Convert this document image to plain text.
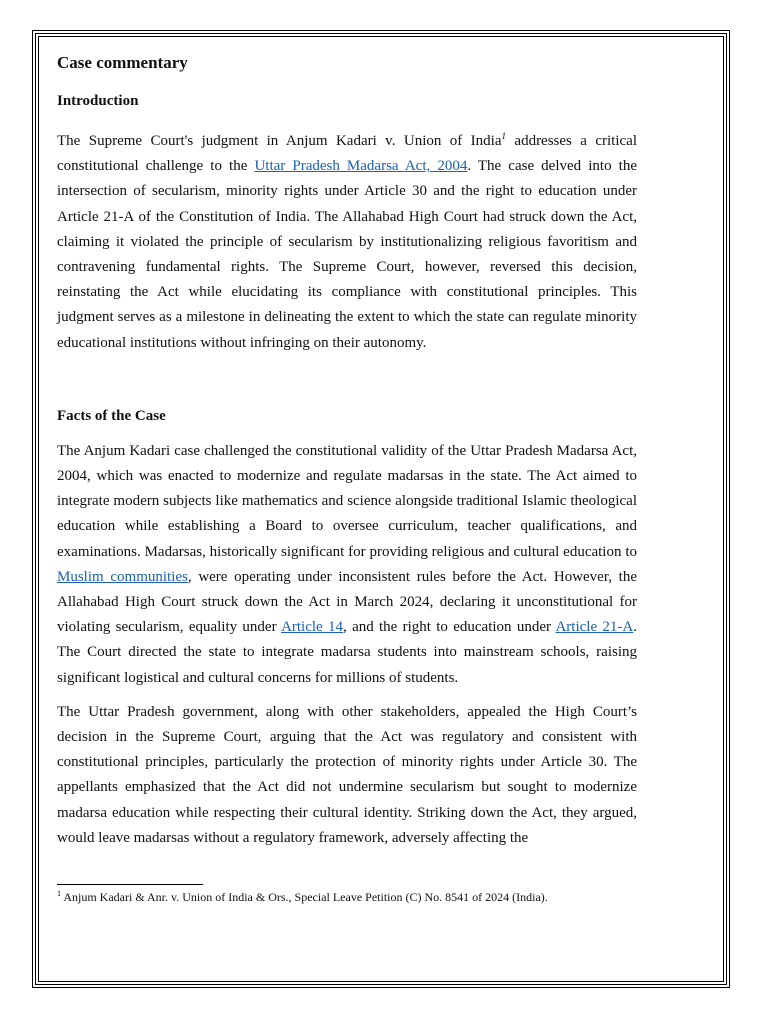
Case commentary
Introduction

The Supreme Court's judgment in Anjum Kadari v. Union of India$^1$ addresses a critical constitutional challenge to the Uttar Pradesh Madarsa Act, 2004. The case delved into the intersection of secularism, minority rights under Article 30 and the right to education under Article 21-A of the Constitution of India. The Allahabad High Court had struck down the Act, claiming it violated the principle of secularism by institutionalizing religious favoritism and contravening fundamental rights. The Supreme Court, however, reversed this decision, reinstating the Act while elucidating its compliance with constitutional principles. This judgment serves as a milestone in delineating the extent to which the state can regulate minority educational institutions without infringing on their autonomy.

Facts of the Case

The Anjum Kadari case challenged the constitutional validity of the Uttar Pradesh Madarsa Act, 2004, which was enacted to modernize and regulate madarsas in the state. The Act aimed to integrate modern subjects like mathematics and science alongside traditional Islamic theological education while establishing a Board to oversee curriculum, teacher qualifications, and examinations. Madarsas, historically significant for providing religious and cultural education to Muslim communities, were operating under inconsistent rules before the Act. However, the Allahabad High Court struck down the Act in March 2024, declaring it unconstitutional for violating secularism, equality under Article 14, and the right to education under Article 21-A. The Court directed the state to integrate madarsa students into mainstream schools, raising significant logistical and cultural concerns for millions of students.

The Uttar Pradesh government, along with other stakeholders, appealed the High Court’s decision in the Supreme Court, arguing that the Act was regulatory and consistent with constitutional principles, particularly the protection of minority rights under Article 30. The appellants emphasized that the Act did not undermine secularism but sought to modernize madarsa education while respecting their cultural identity. Striking down the Act, they argued, would leave madarsas without a regulatory framework, adversely affecting the

$^1$ Anjum Kadari & Anr. v. Union of India & Ors., Special Leave Petition (C) No. 8541 of 2024 (India).
